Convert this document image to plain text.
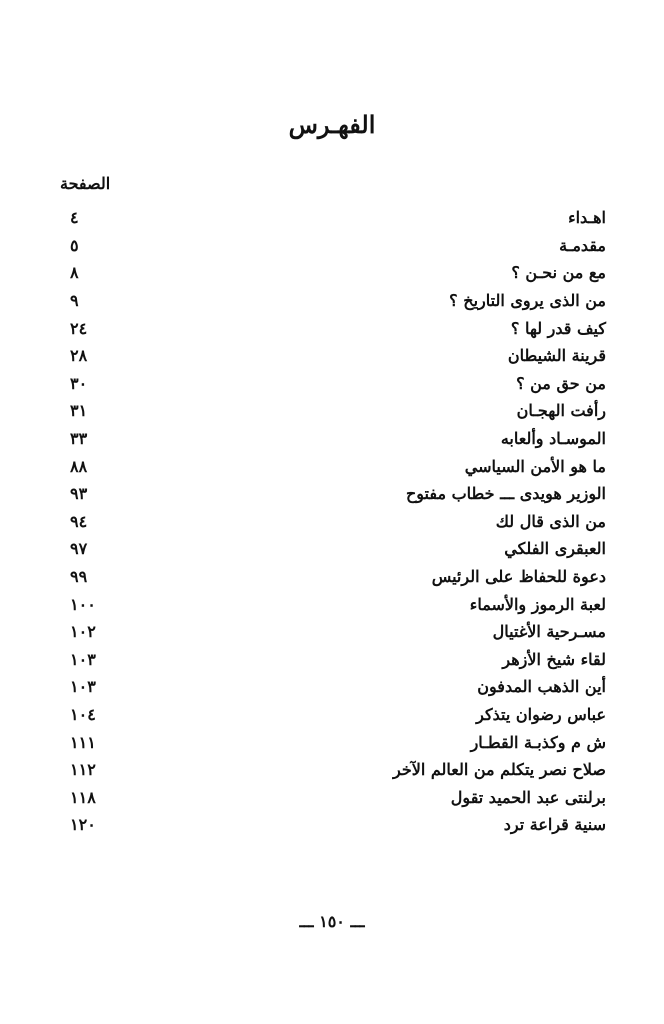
الفهـرس
الصفحة
اهـداء
٤
مقدمـة
٥
مع من نحـن ؟
٨
من الذى يروى التاريخ ؟
٩
كيف قدر لها ؟
٢٤
قرينة الشيطان
٢٨
من حق من ؟
٣٠
رأفت الهجـان
٣١
الموسـاد وألعابه
٣٣
ما هو الأمن السياسي
٨٨
الوزير هويدى ـــ خطاب مفتوح
٩٣
من الذى قال لك
٩٤
العبقرى الفلكي
٩٧
دعوة للحفاظ على الرئيس
٩٩
لعبة الرموز والأسماء
١٠٠
مسـرحية الأغتيال
١٠٢
لقاء شيخ الأزهر
١٠٣
أين الذهب المدفون
١٠٣
عباس رضوان يتذكر
١٠٤
ش م وكذبـة القطـار
١١١
صلاح نصر يتكلم من العالم الآخر
١١٢
برلنتى عبد الحميد تقول
١١٨
سنية قراعة ترد
١٢٠
ـــ ١٥٠ ـــ
